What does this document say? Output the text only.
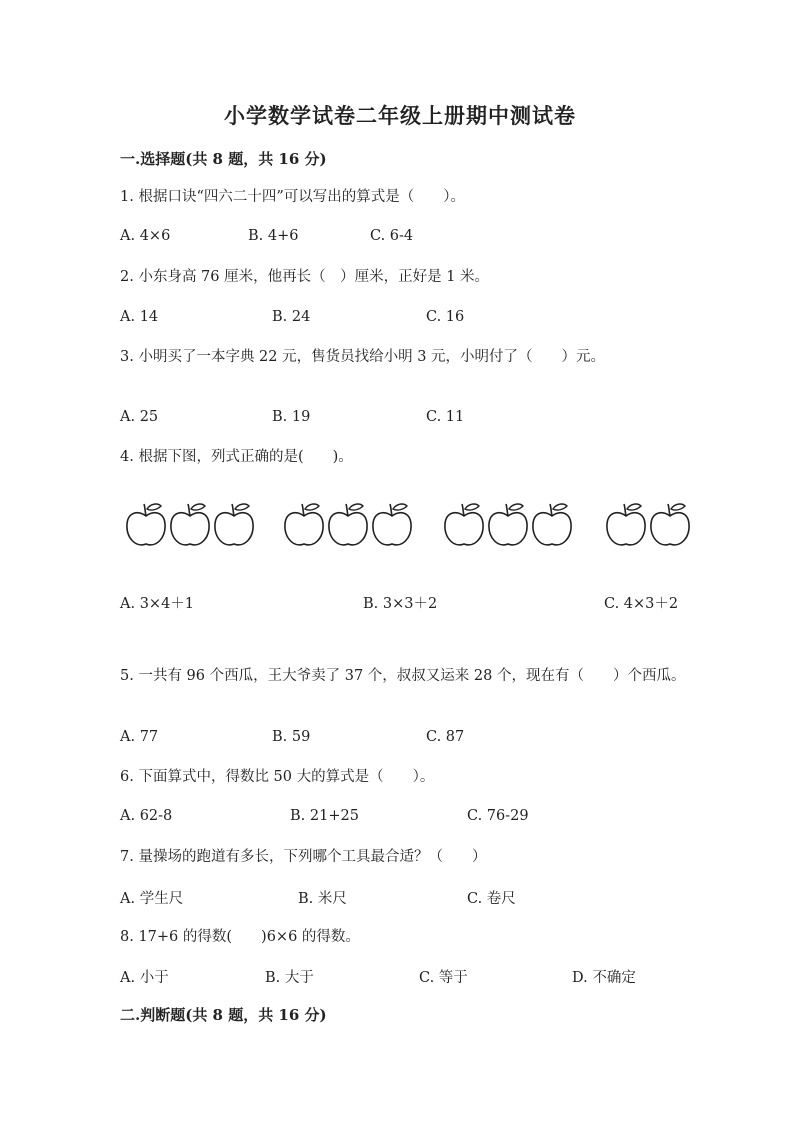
小学数学试卷二年级上册期中测试卷
一.选择题(共 8 题，共 16 分)
1. 根据口诀“四六二十四”可以写出的算式是（　　）。
A. 4×6	B. 4+6	C. 6-4
2. 小东身高 76 厘米，他再长（　）厘米，正好是 1 米。
A. 14	B. 24	C. 16
3. 小明买了一本字典 22 元，售货员找给小明 3 元，小明付了（　　）元。
A. 25	B. 19	C. 11
4. 根据下图，列式正确的是(　　)。
A. 3×4＋1	B. 3×3＋2	C. 4×3＋2
5. 一共有 96 个西瓜，王大爷卖了 37 个，叔叔又运来 28 个，现在有（　　）个西瓜。
A. 77	B. 59	C. 87
6. 下面算式中，得数比 50 大的算式是（　　）。
A. 62-8	B. 21+25	C. 76-29
7. 量操场的跑道有多长，下列哪个工具最合适？（　　）
A. 学生尺	B. 米尺	C. 卷尺
8. 17+6 的得数(　　)6×6 的得数。
A. 小于	B. 大于	C. 等于	D. 不确定
二.判断题(共 8 题，共 16 分)
